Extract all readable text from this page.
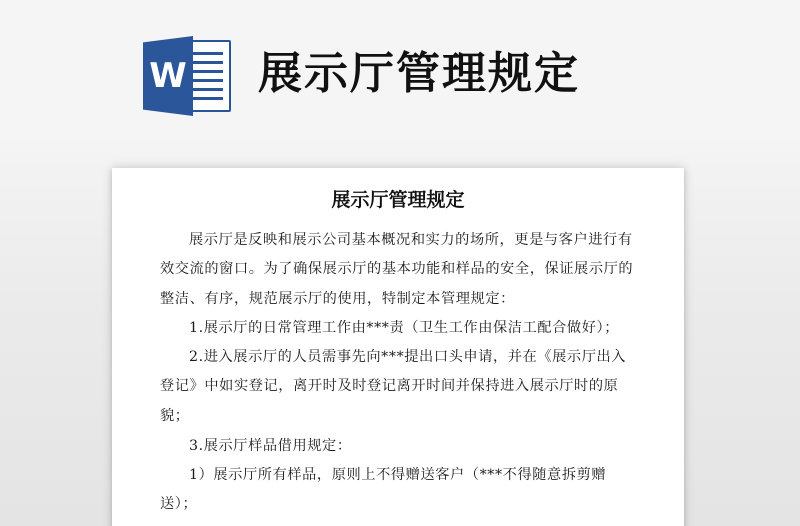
W 展示厅管理规定
展示厅管理规定
展示厅是反映和展示公司基本概况和实力的场所，更是与客户进行有效交流的窗口。为了确保展示厅的基本功能和样品的安全，保证展示厅的整洁、有序，规范展示厅的使用，特制定本管理规定：
1.展示厅的日常管理工作由***责（卫生工作由保洁工配合做好）；
2.进入展示厅的人员需事先向***提出口头申请，并在《展示厅出入登记》中如实登记，离开时及时登记离开时间并保持进入展示厅时的原貌；
3.展示厅样品借用规定：
1）展示厅所有样品，原则上不得赠送客户（***不得随意拆剪赠送）；
